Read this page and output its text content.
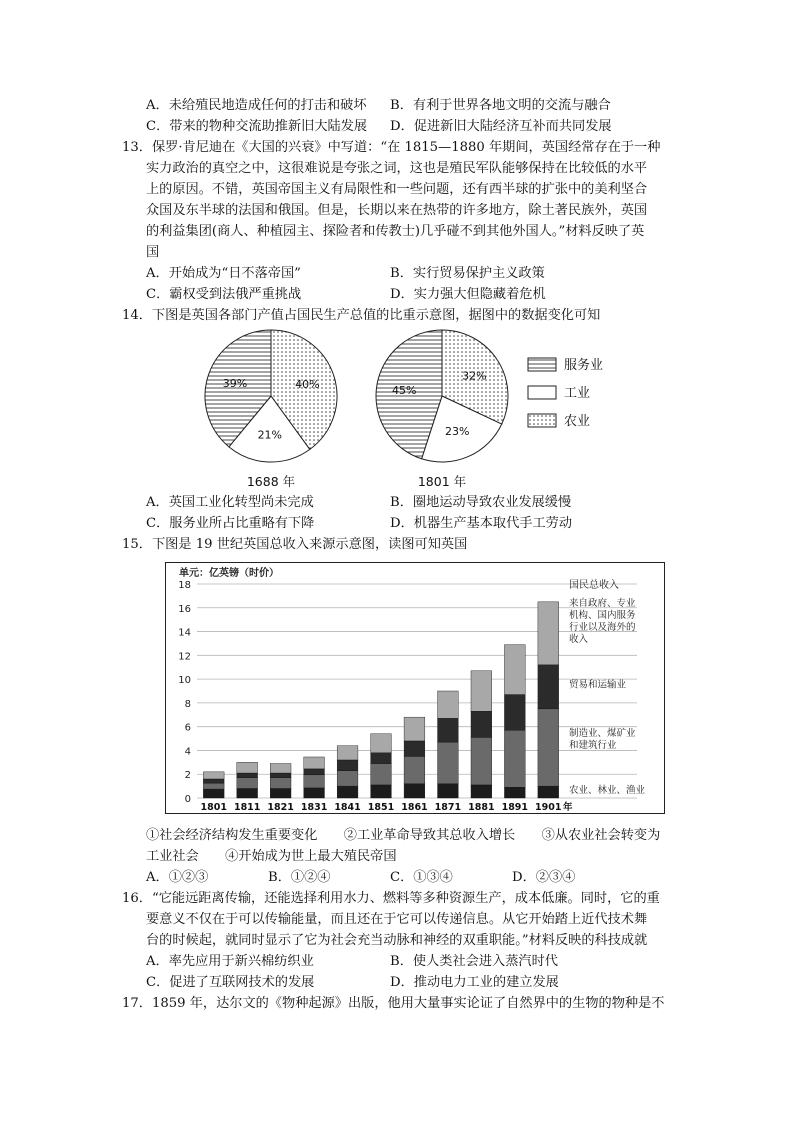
A．未给殖民地造成任何的打击和破坏 B．有利于世界各地文明的交流与融合
C．带来的物种交流助推新旧大陆发展 D．促进新旧大陆经济互补而共同发展
13．保罗·肯尼迪在《大国的兴衰》中写道：“在 1815—1880 年期间，英国经常存在于一种
实力政治的真空之中，这很难说是夸张之词，这也是殖民军队能够保持在比较低的水平
上的原因。不错，英国帝国主义有局限性和一些问题，还有西半球的扩张中的美利坚合
众国及东半球的法国和俄国。但是，长期以来在热带的许多地方，除土著民族外，英国
的利益集团(商人、种植园主、探险者和传教士)几乎碰不到其他外国人。”材料反映了英
国
A．开始成为“日不落帝国”	B．实行贸易保护主义政策
C．霸权受到法俄严重挑战	D．实力强大但隐藏着危机
14．下图是英国各部门产值占国民生产总值的比重示意图，据图中的数据变化可知
40%
21%
39%
1688 年
32%
23%
45%
1801 年
服务业
工业
农业
A．英国工业化转型尚未完成	B．圈地运动导致农业发展缓慢
C．服务业所占比重略有下降	D．机器生产基本取代手工劳动
15．下图是 19 世纪英国总收入来源示意图，读图可知英国
单元：亿英镑（时价）
0
2
4
6
8
10
12
14
16
18
1801 1811 1821 1831 1841 1851 1861 1871 1881 1891 1901 年
国民总收入
来自政府、专业机构、国内服务行业以及海外的收入
贸易和运输业
制造业、煤矿业和建筑行业
农业、林业、渔业
①社会经济结构发生重要变化　　②工业革命导致其总收入增长　　③从农业社会转变为
工业社会　　④开始成为世上最大殖民帝国
A．①②③	B．①②④	C．①③④	D．②③④
16．“它能远距离传输，还能选择利用水力、燃料等多种资源生产，成本低廉。同时，它的重
要意义不仅在于可以传输能量，而且还在于它可以传递信息。从它开始踏上近代技术舞
台的时候起，就同时显示了它为社会充当动脉和神经的双重职能。”材料反映的科技成就
A．率先应用于新兴棉纺织业	B．使人类社会进入蒸汽时代
C．促进了互联网技术的发展	D．推动电力工业的建立发展
17．1859 年，达尔文的《物种起源》出版，他用大量事实论证了自然界中的生物的物种是不
